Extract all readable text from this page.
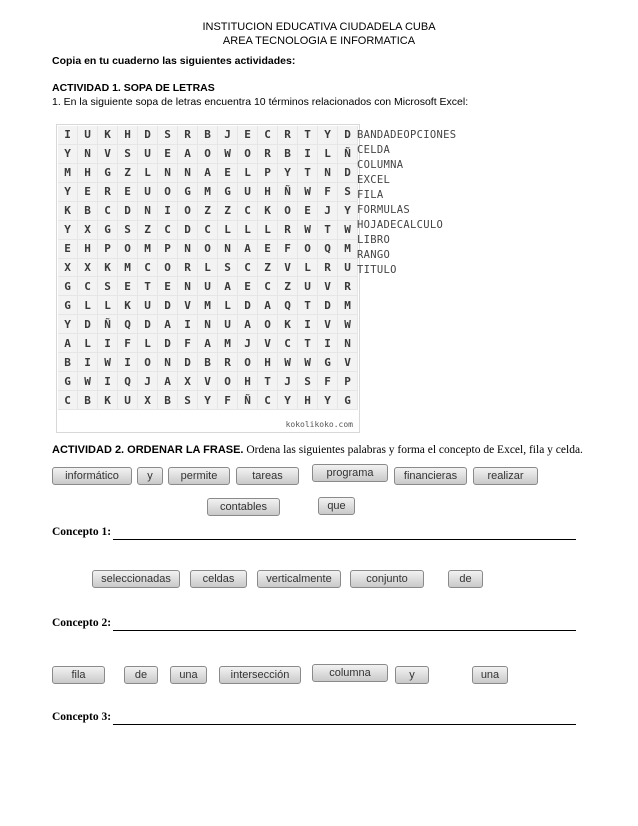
INSTITUCION EDUCATIVA CIUDADELA CUBA
AREA TECNOLOGIA E INFORMATICA
Copia en tu cuaderno las siguientes actividades:
ACTIVIDAD 1. SOPA DE LETRAS
1. En la siguiente sopa de letras encuentra 10 términos relacionados con Microsoft Excel:
I	U	K	H	D	S	R	B	J	E	C	R	T	Y	D
Y	N	V	S	U	E	A	O	W	O	R	B	I	L	Ñ
M	H	G	Z	L	N	N	A	E	L	P	Y	T	N	D
Y	E	R	E	U	O	G	M	G	U	H	Ñ	W	F	S
K	B	C	D	N	I	O	Z	Z	C	K	O	E	J	Y
Y	X	G	S	Z	C	D	C	L	L	L	R	W	T	W
E	H	P	O	M	P	N	O	N	A	E	F	O	Q	M
X	X	K	M	C	O	R	L	S	C	Z	V	L	R	U
G	C	S	E	T	E	N	U	A	E	C	Z	U	V	R
G	L	L	K	U	D	V	M	L	D	A	Q	T	D	M
Y	D	Ñ	Q	D	A	I	N	U	A	O	K	I	V	W
A	L	I	F	L	D	F	A	M	J	V	C	T	I	N
B	I	W	I	O	N	D	B	R	O	H	W	W	G	V
G	W	I	Q	J	A	X	V	O	H	T	J	S	F	P
C	B	K	U	X	B	S	Y	F	Ñ	C	Y	H	Y	G
kokolikoko.com
BANDADEOPCIONES
CELDA
COLUMNA
EXCEL
FILA
FORMULAS
HOJADECALCULO
LIBRO
RANGO
TITULO
ACTIVIDAD 2. ORDENAR LA FRASE. Ordena las siguientes palabras y forma el concepto de Excel, fila y celda.
informático	y	permite	tareas	programa	financieras	realizar
contables	que
Concepto 1:
seleccionadas	celdas	verticalmente	conjunto	de
Concepto 2:
fila	de	una	intersección	columna	y	una
Concepto 3:
